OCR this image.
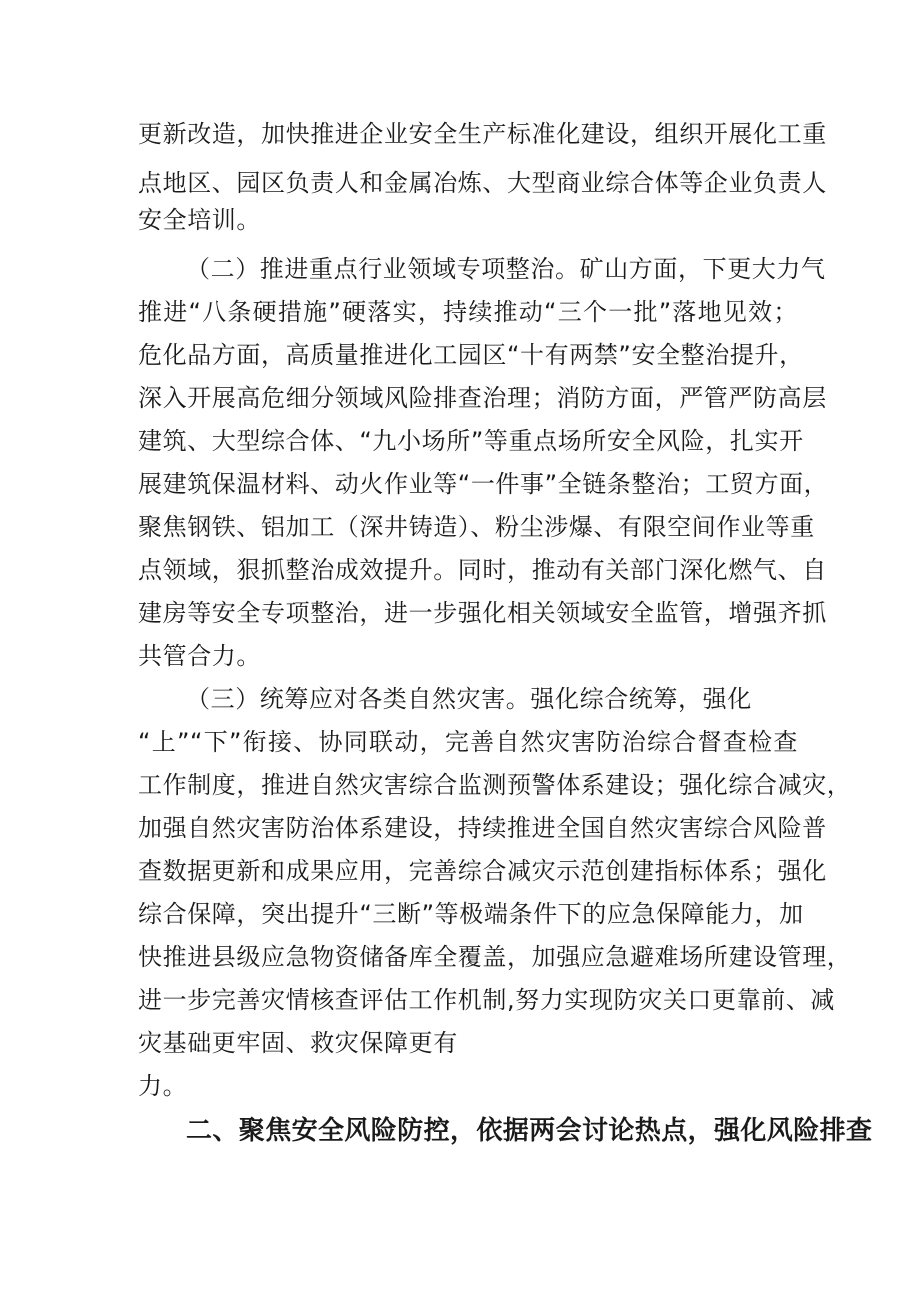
更新改造，加快推进企业安全生产标准化建设，组织开展化工重
点地区、园区负责人和金属冶炼、大型商业综合体等企业负责人
安全培训。
（二）推进重点行业领域专项整治。矿山方面，下更大力气
推进“八条硬措施”硬落实，持续推动“三个一批”落地见效；
危化品方面，高质量推进化工园区“十有两禁”安全整治提升，
深入开展高危细分领域风险排查治理；消防方面，严管严防高层
建筑、大型综合体、“九小场所”等重点场所安全风险，扎实开
展建筑保温材料、动火作业等“一件事”全链条整治；工贸方面，
聚焦钢铁、铝加工（深井铸造）、粉尘涉爆、有限空间作业等重
点领域，狠抓整治成效提升。同时，推动有关部门深化燃气、自
建房等安全专项整治，进一步强化相关领域安全监管，增强齐抓
共管合力。
（三）统筹应对各类自然灾害。强化综合统筹，强化
“上”“下”衔接、协同联动，完善自然灾害防治综合督查检查
工作制度，推进自然灾害综合监测预警体系建设；强化综合减灾，
加强自然灾害防治体系建设，持续推进全国自然灾害综合风险普
查数据更新和成果应用，完善综合减灾示范创建指标体系；强化
综合保障，突出提升“三断”等极端条件下的应急保障能力，加
快推进县级应急物资储备库全覆盖，加强应急避难场所建设管理，
进一步完善灾情核查评估工作机制,努力实现防灾关口更靠前、减
灾基础更牢固、救灾保障更有
力。
二、聚焦安全风险防控，依据两会讨论热点，强化风险排查
